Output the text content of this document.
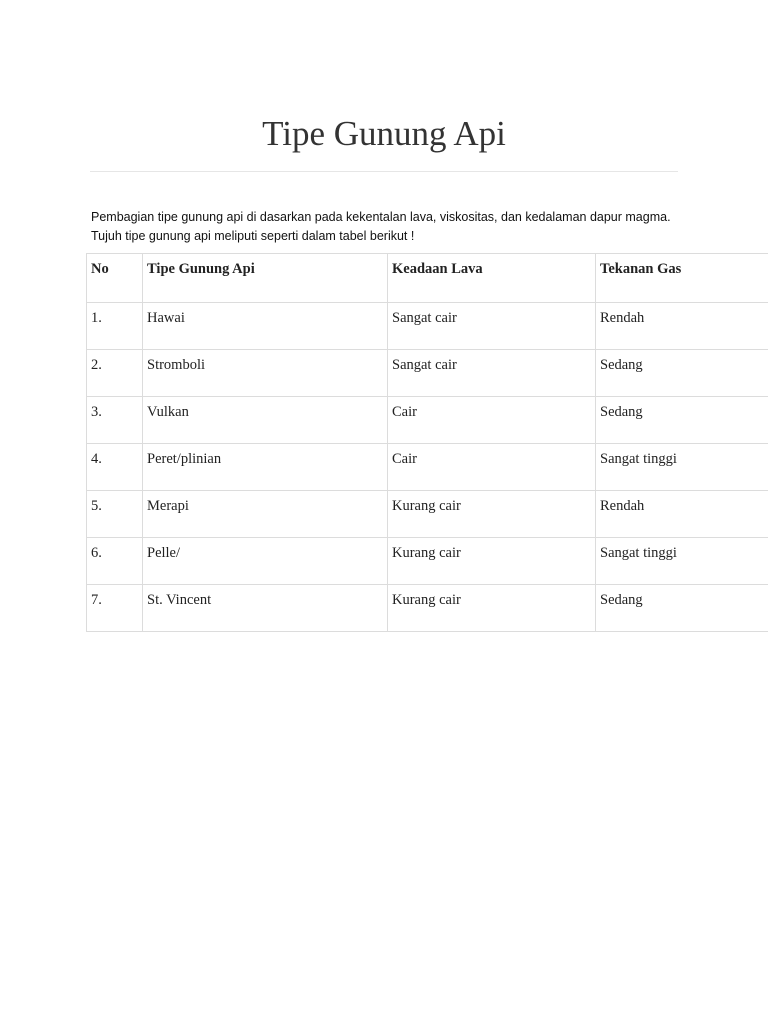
Tipe Gunung Api
Pembagian tipe gunung api di dasarkan pada kekentalan lava, viskositas, dan kedalaman dapur magma.
Tujuh tipe gunung api meliputi seperti dalam tabel berikut !
No	Tipe Gunung Api	Keadaan Lava	Tekanan Gas
1.	Hawai	Sangat cair	Rendah
2.	Stromboli	Sangat cair	Sedang
3.	Vulkan	Cair	Sedang
4.	Peret/plinian	Cair	Sangat tinggi
5.	Merapi	Kurang cair	Rendah
6.	Pelle/	Kurang cair	Sangat tinggi
7.	St. Vincent	Kurang cair	Sedang
